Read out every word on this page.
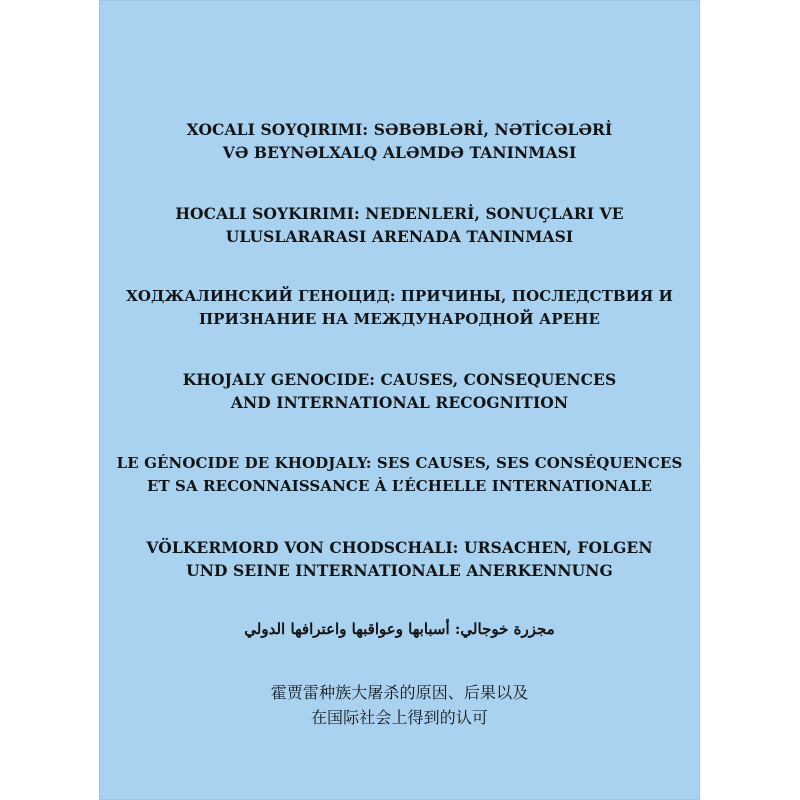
XOCALI SOYQIRIMI: SƏBƏBLƏRİ, NƏTİCƏLƏRİ
VƏ BEYNƏLXALQ ALƏMDƏ TANINMASI
HOCALI SOYKIRIMI: NEDENLERİ, SONUÇLARI VE
ULUSLARARASI ARENADA TANINMASI
ХОДЖАЛИНСКИЙ ГЕНОЦИД: ПРИЧИНЫ, ПОСЛЕДСТВИЯ И
ПРИЗНАНИЕ НА МЕЖДУНАРОДНОЙ АРЕНЕ
KHOJALY GENOCIDE: CAUSES, CONSEQUENCES
AND INTERNATIONAL RECOGNITION
LE GÉNOCIDE DE KHODJALY: SES CAUSES, SES CONSÉQUENCES
ET SA RECONNAISSANCE À L’ÉCHELLE INTERNATIONALE
VÖLKERMORD VON CHODSCHALI: URSACHEN, FOLGEN
UND SEINE INTERNATIONALE ANERKENNUNG
مجزرة خوجالي: أسبابها وعواقبها واعترافها الدولي
霍贾雷种族大屠杀的原因、后果以及
在国际社会上得到的认可
